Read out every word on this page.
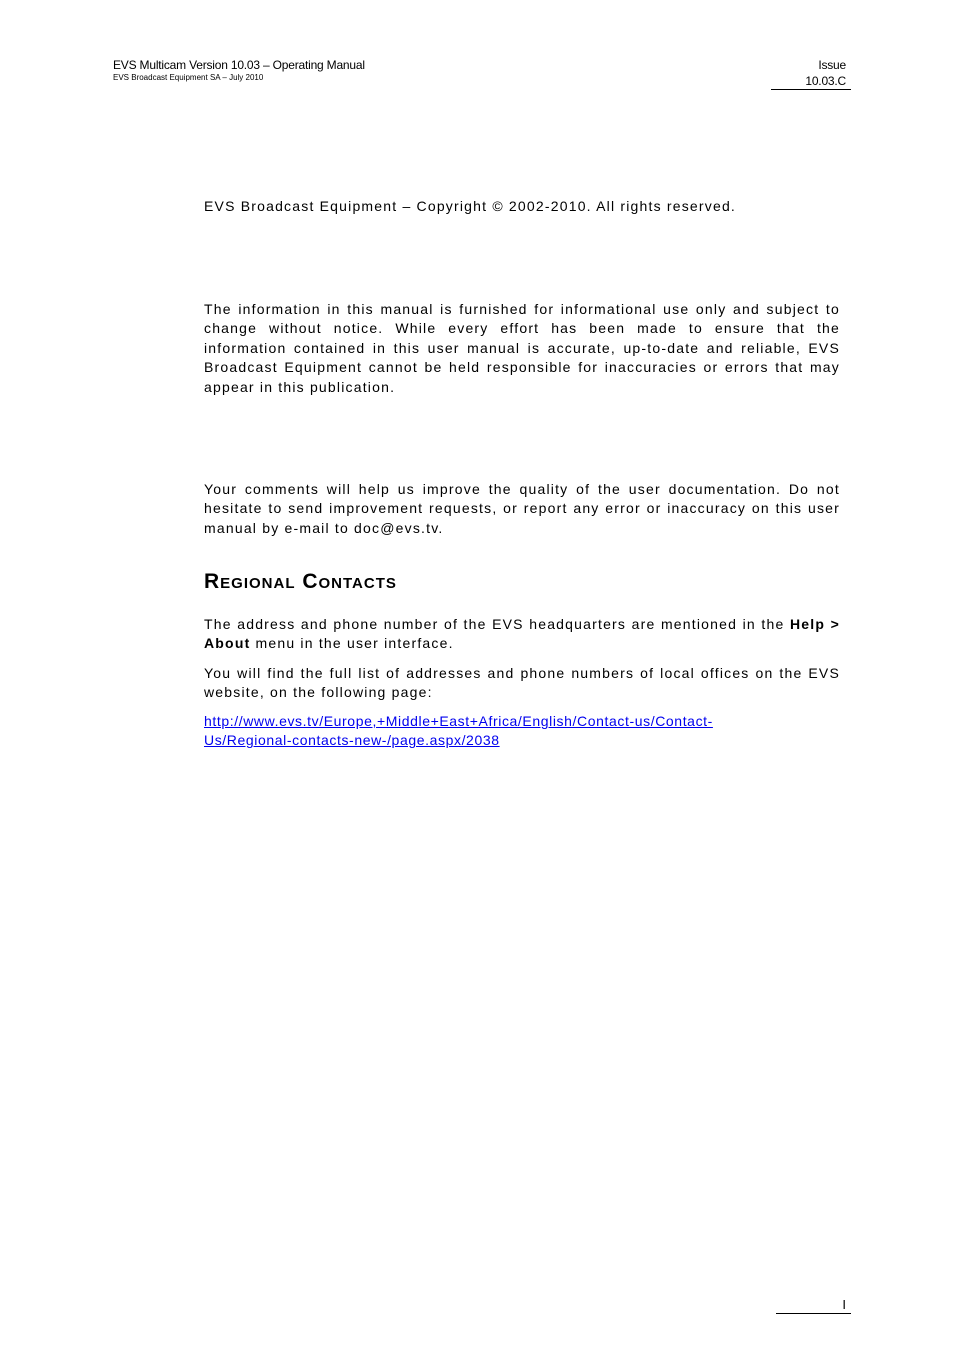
EVS Multicam Version 10.03 – Operating Manual
EVS Broadcast Equipment SA – July 2010
Issue
10.03.C

EVS Broadcast Equipment – Copyright © 2002-2010. All rights reserved.

The information in this manual is furnished for informational use only and subject to change without notice. While every effort has been made to ensure that the information contained in this user manual is accurate, up-to-date and reliable, EVS Broadcast Equipment cannot be held responsible for inaccuracies or errors that may appear in this publication.

Your comments will help us improve the quality of the user documentation. Do not hesitate to send improvement requests, or report any error or inaccuracy on this user manual by e-mail to doc@evs.tv.

Regional Contacts

The address and phone number of the EVS headquarters are mentioned in the Help > About menu in the user interface.

You will find the full list of addresses and phone numbers of local offices on the EVS website, on the following page:

http://www.evs.tv/Europe,+Middle+East+Africa/English/Contact-us/Contact-
Us/Regional-contacts-new-/page.aspx/2038
I
